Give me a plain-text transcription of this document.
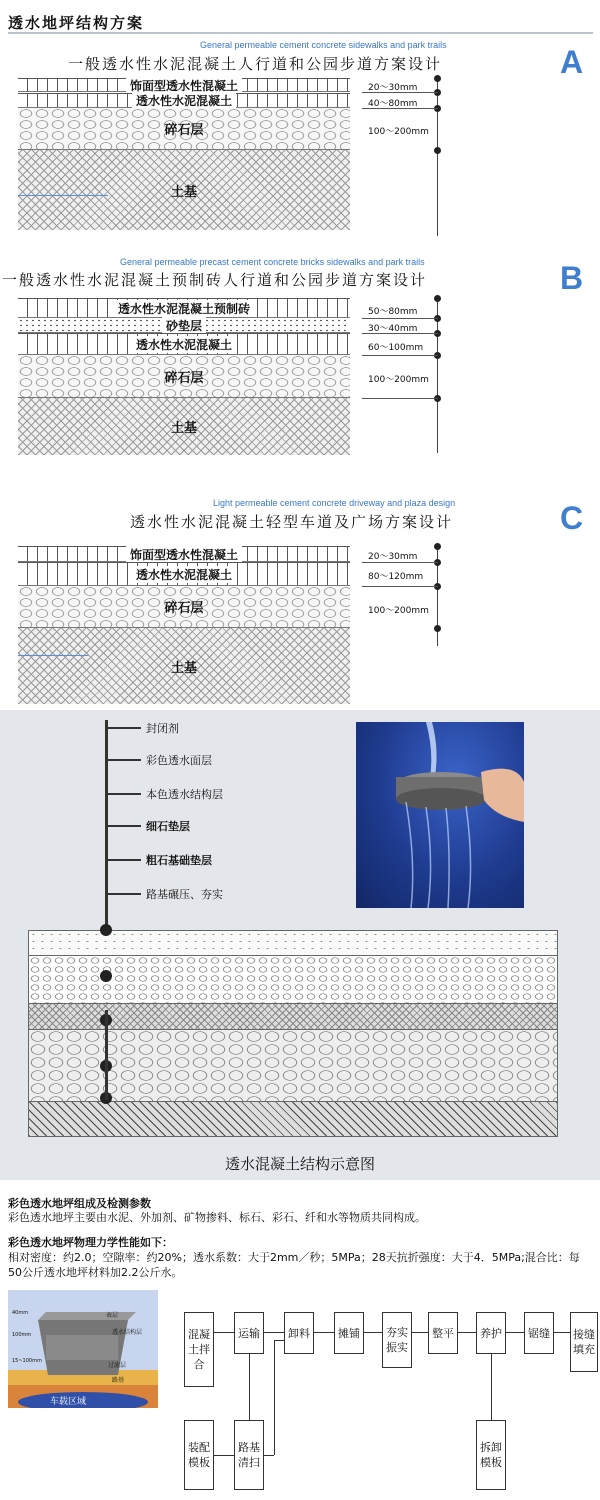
透水地坪结构方案
General permeable cement concrete sidewalks and park trails
一般透水性水泥混凝土人行道和公园步道方案设计	A
饰面型透水性混凝土
透水性水泥混凝土
碎石层
土基
20～30mm
40～80mm
100～200mm
General permeable precast cement concrete bricks sidewalks and park trails
一般透水性水泥混凝土预制砖人行道和公园步道方案设计	B
透水性水泥混凝土预制砖
砂垫层
透水性水泥混凝土
碎石层
土基
50～80mm
30～40mm
60～100mm
100～200mm
Light permeable cement concrete driveway and plaza design
透水性水泥混凝土轻型车道及广场方案设计	C
饰面型透水性混凝土
透水性水泥混凝土
碎石层
土基
20～30mm
80～120mm
100～200mm
封闭剂
彩色透水面层
本色透水结构层
细石垫层
粗石基础垫层
路基碾压、夯实
透水混凝土结构示意图
彩色透水地坪组成及检测参数
彩色透水地坪主要由水泥、外加剂、矿物掺料、标石、彩石、纤和水等物质共同构成。
彩色透水地坪物理力学性能如下：
相对密度：约2.0；空隙率：约20%；透水系数：大于2mm／秒；5MPa；28天抗折强度：大于4．5MPa;混合比：每50公斤透水地坪材料加2.2公斤水。
表层
透水结构层
过滤层
路基
40mm
100mm
15~100mm
车载区域
混凝土拌合
运输	卸料	摊铺	夯实振实
整平	养护	锯缝	接缝填充
装配模板
路基清扫
拆卸模板
